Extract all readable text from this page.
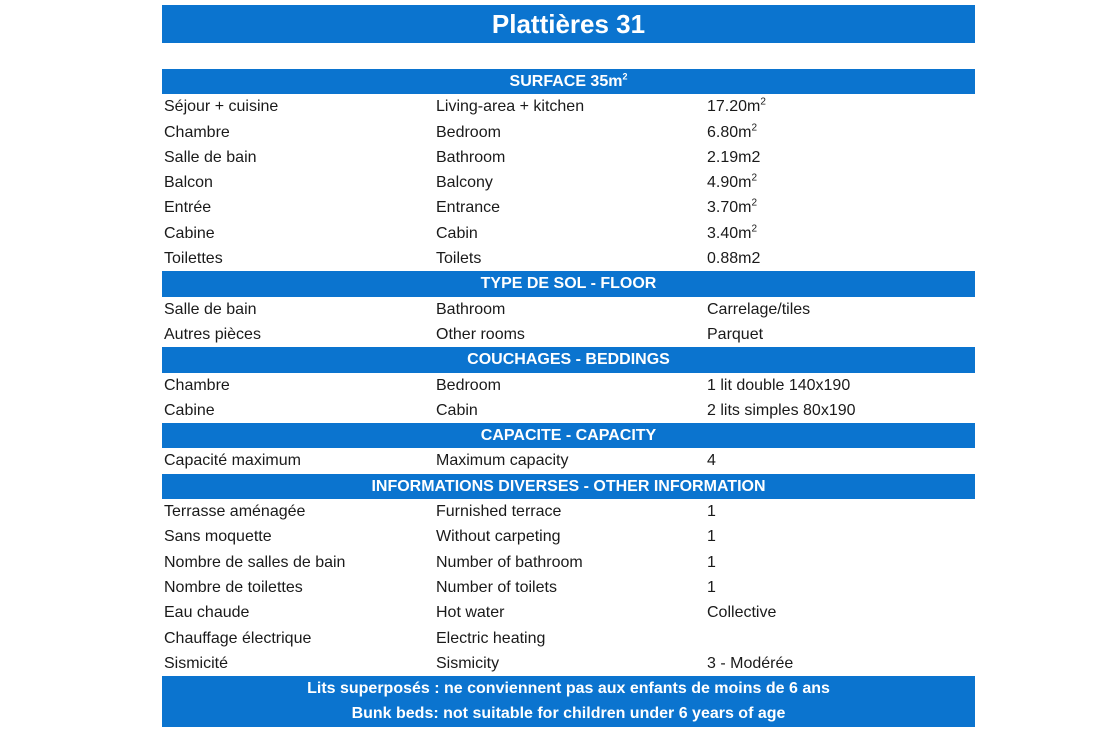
Plattières 31
SURFACE $35m^2$
Séjour + cuisine	Living-area + kitchen	$17.20m^2$
Chambre	Bedroom	$6.80m^2$
Salle de bain	Bathroom	2.19m2
Balcon	Balcony	$4.90m^2$
Entrée	Entrance	$3.70m^2$
Cabine	Cabin	$3.40m^2$
Toilettes	Toilets	0.88m2
TYPE DE SOL - FLOOR
Salle de bain	Bathroom	Carrelage/tiles
Autres pièces	Other rooms	Parquet
COUCHAGES - BEDDINGS
Chambre	Bedroom	1 lit double 140x190
Cabine	Cabin	2 lits simples 80x190
CAPACITE - CAPACITY
Capacité maximum	Maximum capacity	4
INFORMATIONS DIVERSES - OTHER INFORMATION
Terrasse aménagée	Furnished terrace	1
Sans moquette	Without carpeting	1
Nombre de salles de bain	Number of bathroom	1
Nombre de toilettes	Number of toilets	1
Eau chaude	Hot water	Collective
Chauffage électrique	Electric heating
Sismicité	Sismicity	3 - Modérée
Lits superposés : ne conviennent pas aux enfants de moins de 6 ans
Bunk beds: not suitable for children under 6 years of age
